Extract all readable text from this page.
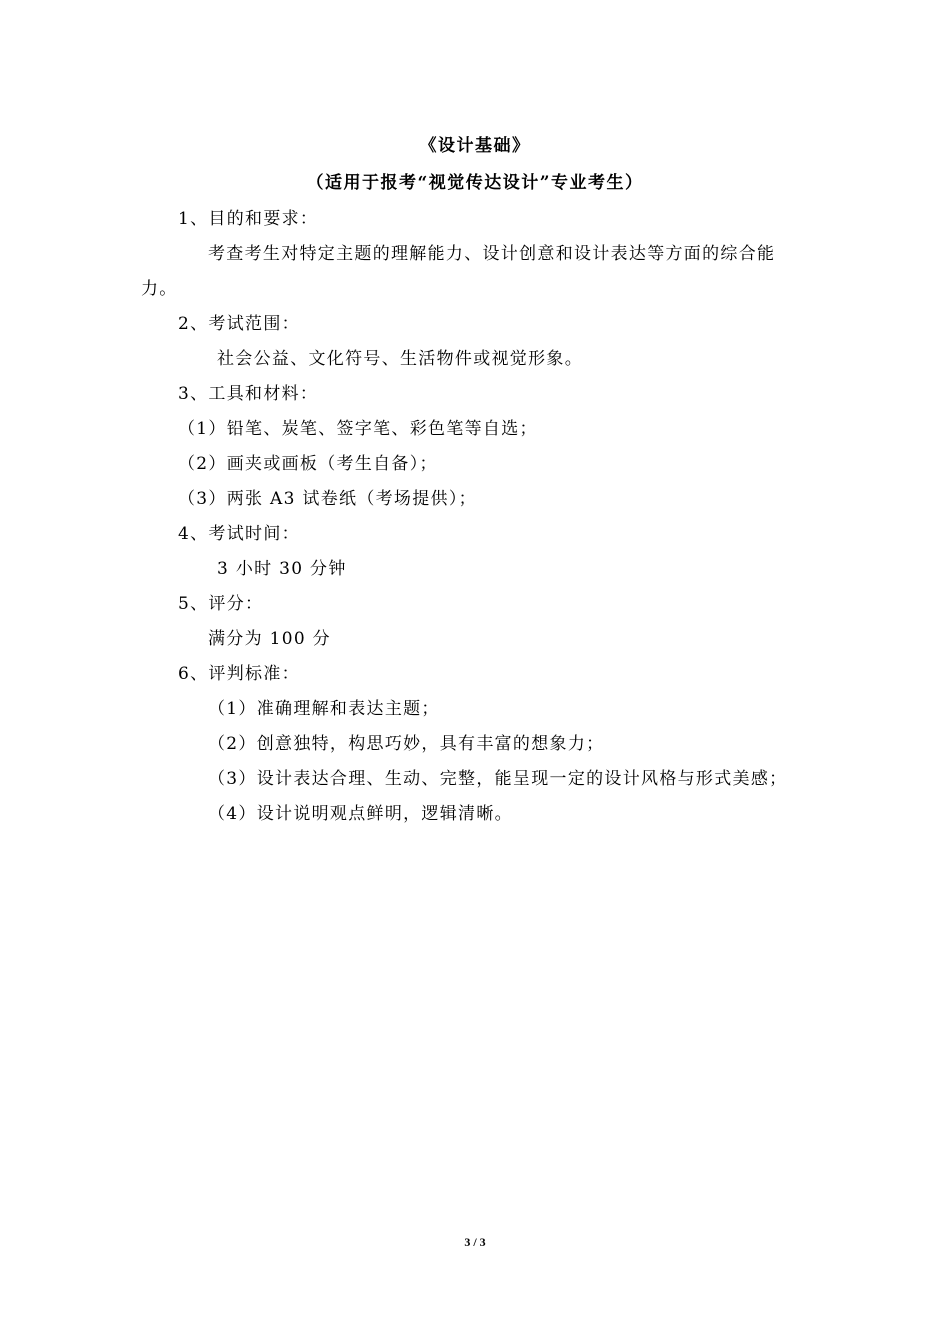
《设计基础》
（适用于报考“视觉传达设计”专业考生）
1、目的和要求：
考查考生对特定主题的理解能力、设计创意和设计表达等方面的综合能
力。
2、考试范围：
社会公益、文化符号、生活物件或视觉形象。
3、工具和材料：
（1）铅笔、炭笔、签字笔、彩色笔等自选；
（2）画夹或画板（考生自备）；
（3）两张 A3 试卷纸（考场提供）；
4、考试时间：
3 小时 30 分钟
5、评分：
满分为 100 分
6、评判标准：
（1）准确理解和表达主题；
（2）创意独特，构思巧妙，具有丰富的想象力；
（3）设计表达合理、生动、完整，能呈现一定的设计风格与形式美感；
（4）设计说明观点鲜明，逻辑清晰。
3 / 3
